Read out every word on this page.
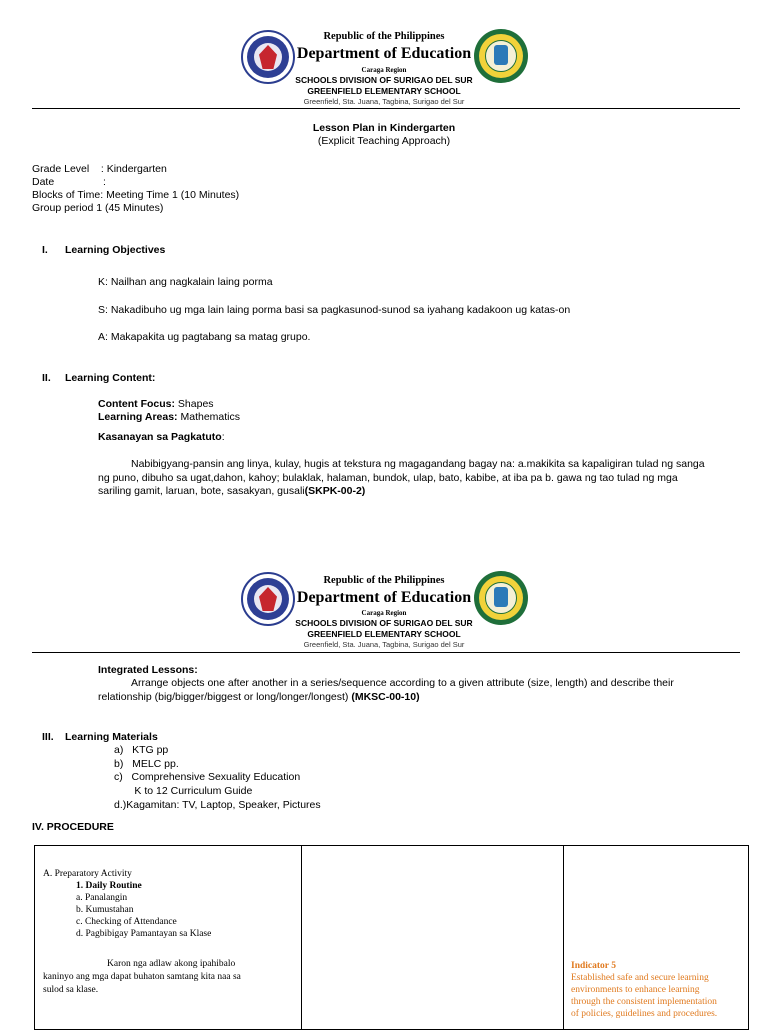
Republic of the Philippines
Department of Education
Caraga Region
SCHOOLS DIVISION OF SURIGAO DEL SUR
GREENFIELD ELEMENTARY SCHOOL
Greenfield, Sta. Juana, Tagbina, Surigao del Sur
Lesson Plan in Kindergarten
(Explicit Teaching Approach)
Grade Level    : Kindergarten
Date	:
Blocks of Time: Meeting Time 1 (10 Minutes)
Group period 1 (45 Minutes)
I. Learning Objectives
K: Nailhan ang nagkalain laing porma
S: Nakadibuho ug mga lain laing porma basi sa pagkasunod-sunod sa iyahang kadakoon ug katas-on
A: Makapakita ug pagtabang sa matag grupo.
II. Learning Content:
Content Focus: Shapes
Learning Areas: Mathematics
Kasanayan sa Pagkatuto:
Nabibigyang-pansin ang linya, kulay, hugis at tekstura ng magagandang bagay na: a.makikita sa kapaligiran tulad ng sanga
ng puno, dibuho sa ugat,dahon, kahoy; bulaklak, halaman, bundok, ulap, bato, kabibe, at iba pa b. gawa ng tao tulad ng mga
sariling gamit, laruan, bote, sasakyan, gusali(SKPK-00-2)
Republic of the Philippines
Department of Education
Caraga Region
SCHOOLS DIVISION OF SURIGAO DEL SUR
GREENFIELD ELEMENTARY SCHOOL
Greenfield, Sta. Juana, Tagbina, Surigao del Sur
Integrated Lessons:
Arrange objects one after another in a series/sequence according to a given attribute (size, length) and describe their
relationship (big/bigger/biggest or long/longer/longest) (MKSC-00-10)
III. Learning Materials
a)   KTG pp
b)   MELC pp.
c)   Comprehensive Sexuality Education
K to 12 Curriculum Guide
d.)Kagamitan: TV, Laptop, Speaker, Pictures
IV. PROCEDURE
A. Preparatory Activity
1. Daily Routine
a. Panalangin
b. Kumustahan
c. Checking of Attendance
d. Pagbibigay Pamantayan sa Klase
Karon nga adlaw akong ipahibalo
kaninyo ang mga dapat buhaton samtang kita naa sa
sulod sa klase.
Indicator 5
Established safe and secure learning
environments to enhance learning
through the consistent implementation
of policies, guidelines and procedures.
